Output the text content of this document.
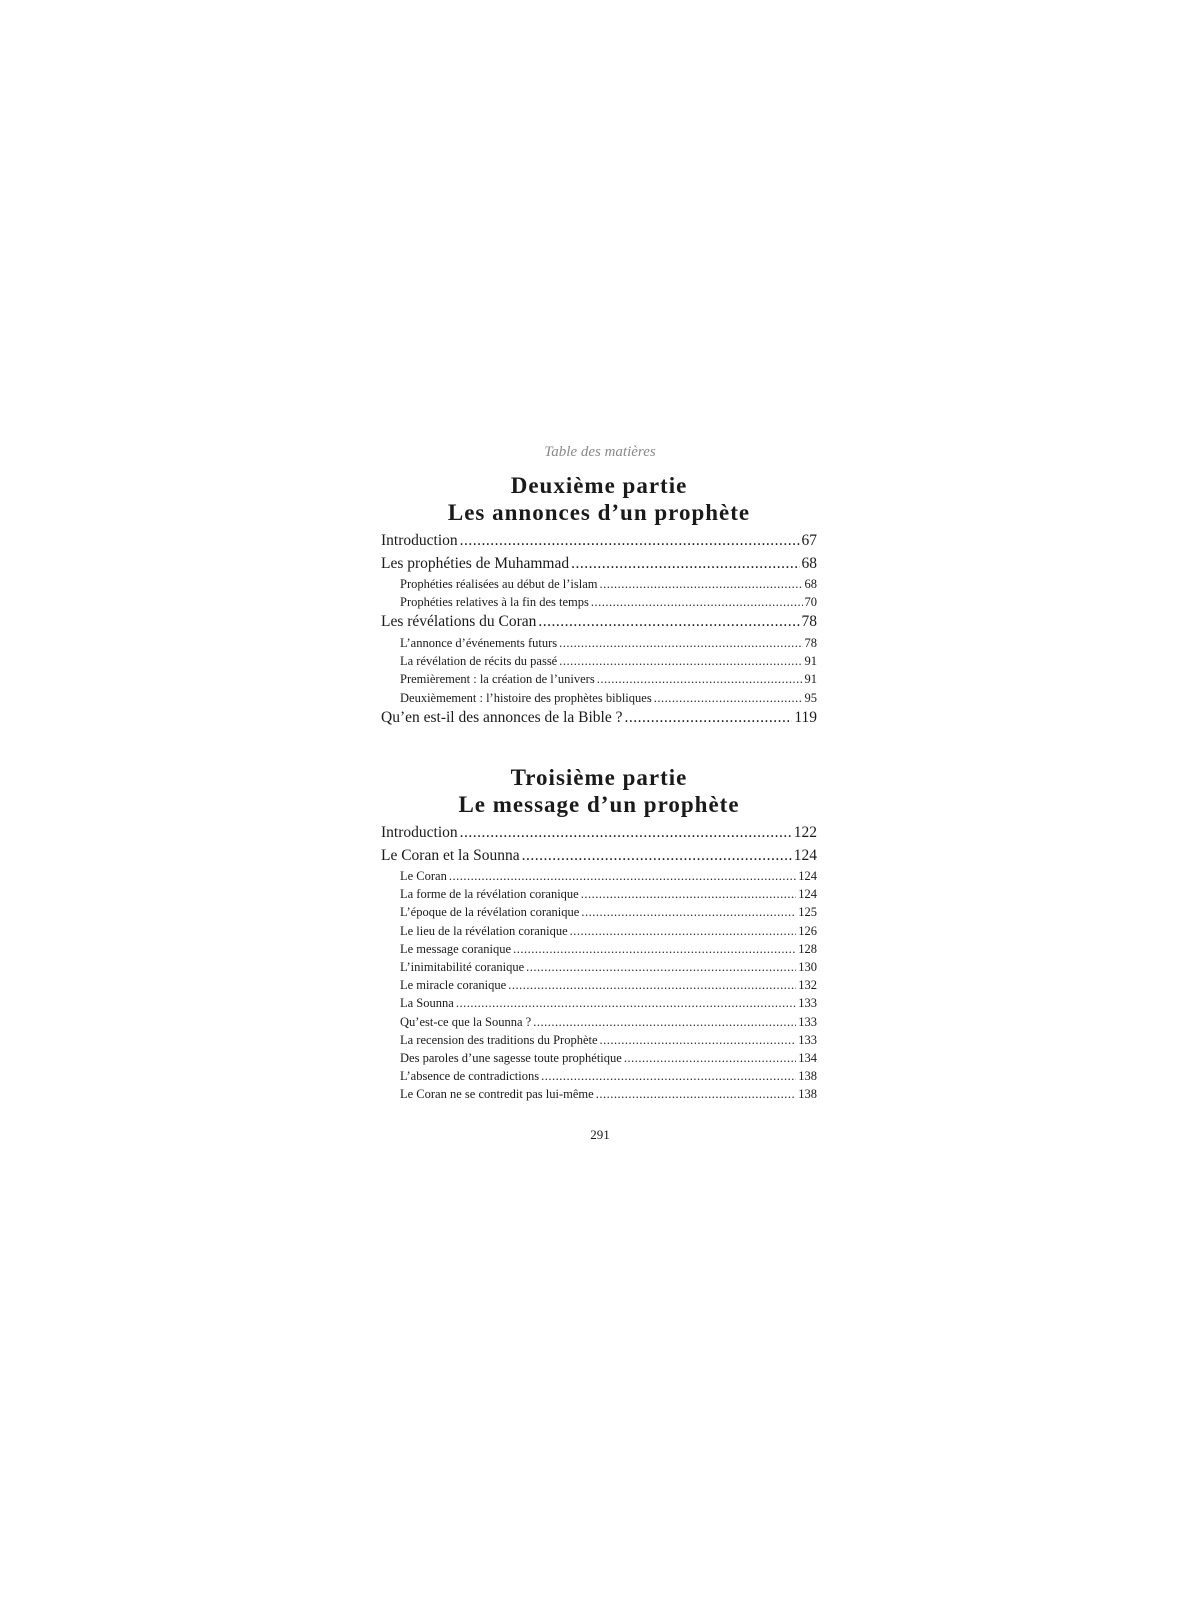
Table des matières
Deuxième partie
Les annonces d’un prophète
Introduction .....	67
Les prophéties de Muhammad .....	68
Prophéties réalisées au début de l’islam .....	68
Prophéties relatives à la fin des temps .....	70
Les révélations du Coran .....	78
L’annonce d’événements futurs .....	78
La révélation de récits du passé .....	91
Premièrement : la création de l’univers .....	91
Deuxièmement : l’histoire des prophètes bibliques .....	95
Qu’en est-il des annonces de la Bible ? .....	119
Troisième partie
Le message d’un prophète
Introduction .....	122
Le Coran et la Sounna .....	124
Le Coran .....	124
La forme de la révélation coranique .....	124
L’époque de la révélation coranique .....	125
Le lieu de la révélation coranique .....	126
Le message coranique .....	128
L’inimitabilité coranique .....	130
Le miracle coranique .....	132
La Sounna .....	133
Qu’est-ce que la Sounna ? .....	133
La recension des traditions du Prophète .....	133
Des paroles d’une sagesse toute prophétique .....	134
L’absence de contradictions .....	138
Le Coran ne se contredit pas lui-même .....	138
291
